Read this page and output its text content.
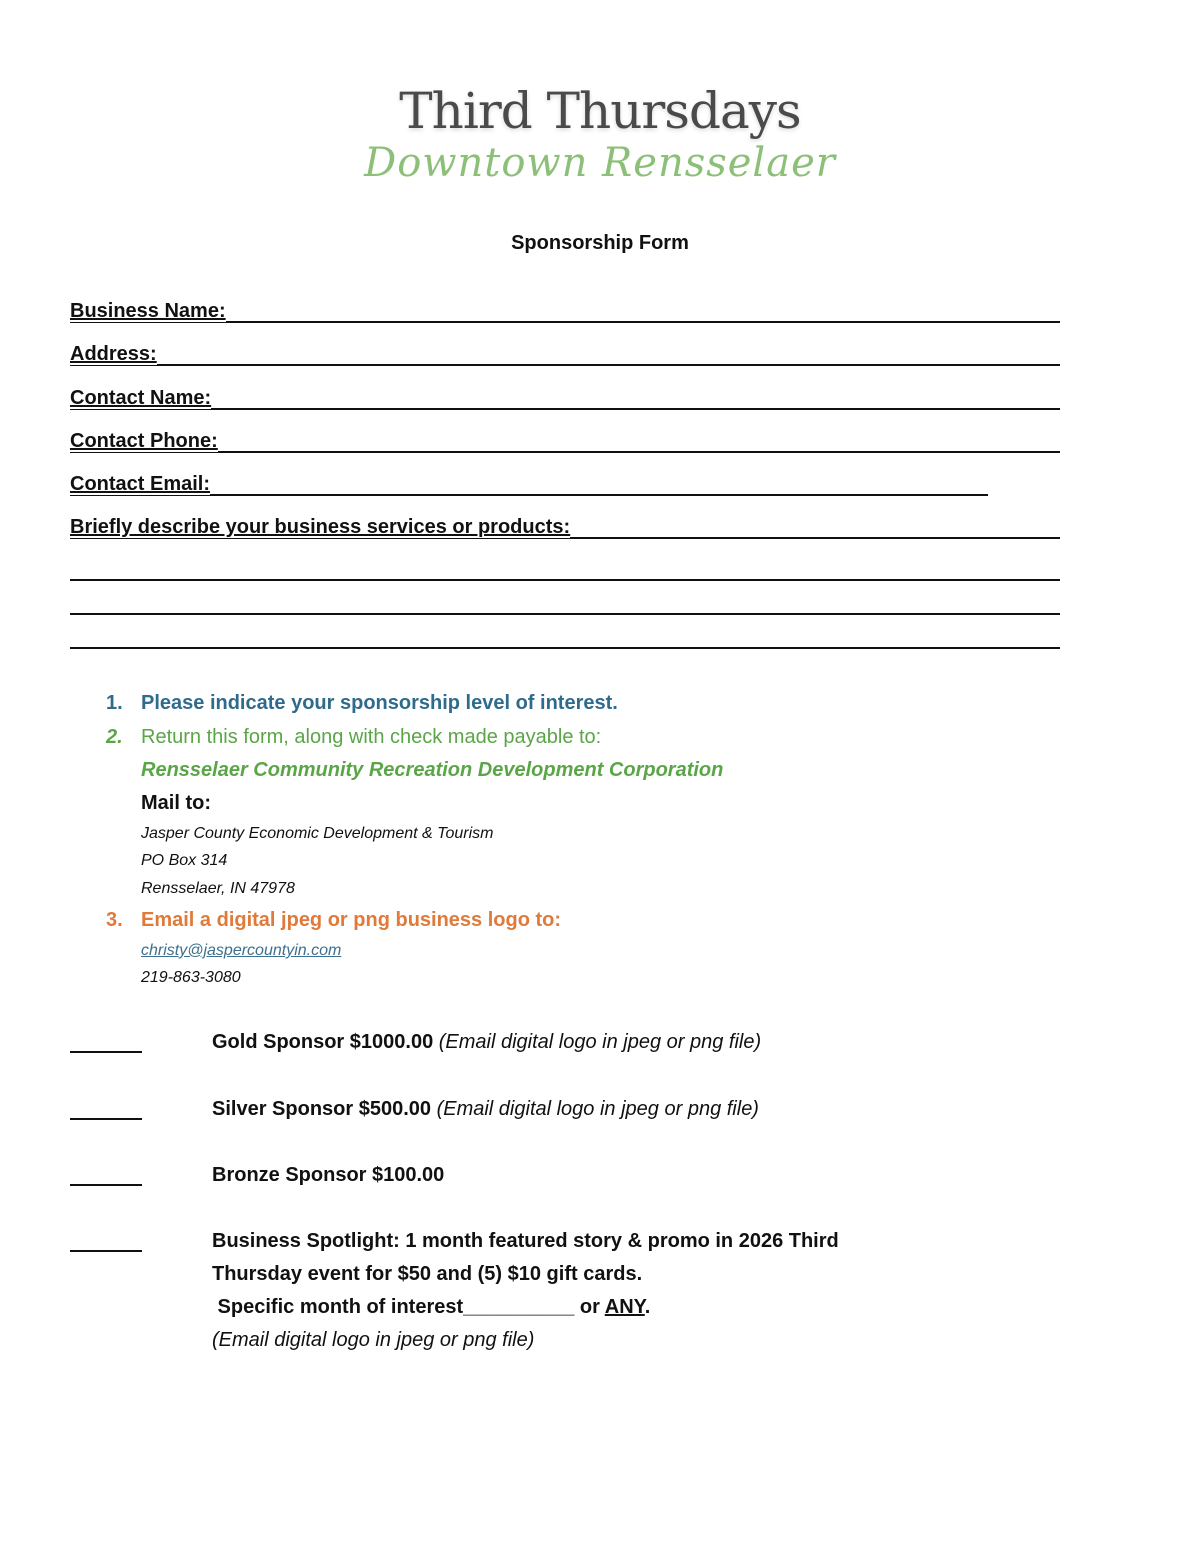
Third Thursdays
Downtown Rensselaer
Sponsorship Form
Business Name:
Address:
Contact Name:
Contact Phone:
Contact Email:
Briefly describe your business services or products:
1. Please indicate your sponsorship level of interest.
2. Return this form, along with check made payable to:
Rensselaer Community Recreation Development Corporation
Mail to:
Jasper County Economic Development & Tourism
PO Box 314
Rensselaer, IN 47978
3. Email a digital jpeg or png business logo to:
christy@jaspercountyin.com
219-863-3080
Gold Sponsor $1000.00 (Email digital logo in jpeg or png file)
Silver Sponsor $500.00 (Email digital logo in jpeg or png file)
Bronze Sponsor $100.00
Business Spotlight: 1 month featured story & promo in 2026 Third
Thursday event for $50 and (5) $10 gift cards.
Specific month of interest__________ or ANY.
(Email digital logo in jpeg or png file)
